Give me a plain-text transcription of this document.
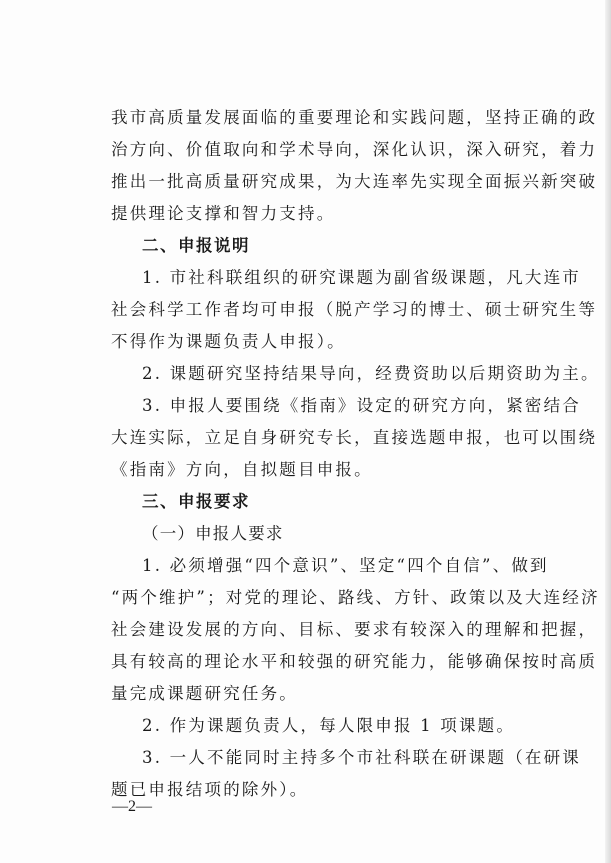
我市高质量发展面临的重要理论和实践问题，坚持正确的政
治方向、价值取向和学术导向，深化认识，深入研究，着力
推出一批高质量研究成果，为大连率先实现全面振兴新突破
提供理论支撑和智力支持。
二、申报说明
1. 市社科联组织的研究课题为副省级课题，凡大连市
社会科学工作者均可申报（脱产学习的博士、硕士研究生等
不得作为课题负责人申报）。
2. 课题研究坚持结果导向，经费资助以后期资助为主。
3. 申报人要围绕《指南》设定的研究方向，紧密结合
大连实际，立足自身研究专长，直接选题申报，也可以围绕
《指南》方向，自拟题目申报。
三、申报要求
（一）申报人要求
1. 必须增强“四个意识”、坚定“四个自信”、做到
“两个维护”；对党的理论、路线、方针、政策以及大连经济
社会建设发展的方向、目标、要求有较深入的理解和把握，
具有较高的理论水平和较强的研究能力，能够确保按时高质
量完成课题研究任务。
2. 作为课题负责人，每人限申报 1 项课题。
3. 一人不能同时主持多个市社科联在研课题（在研课
题已申报结项的除外）。
—2—
